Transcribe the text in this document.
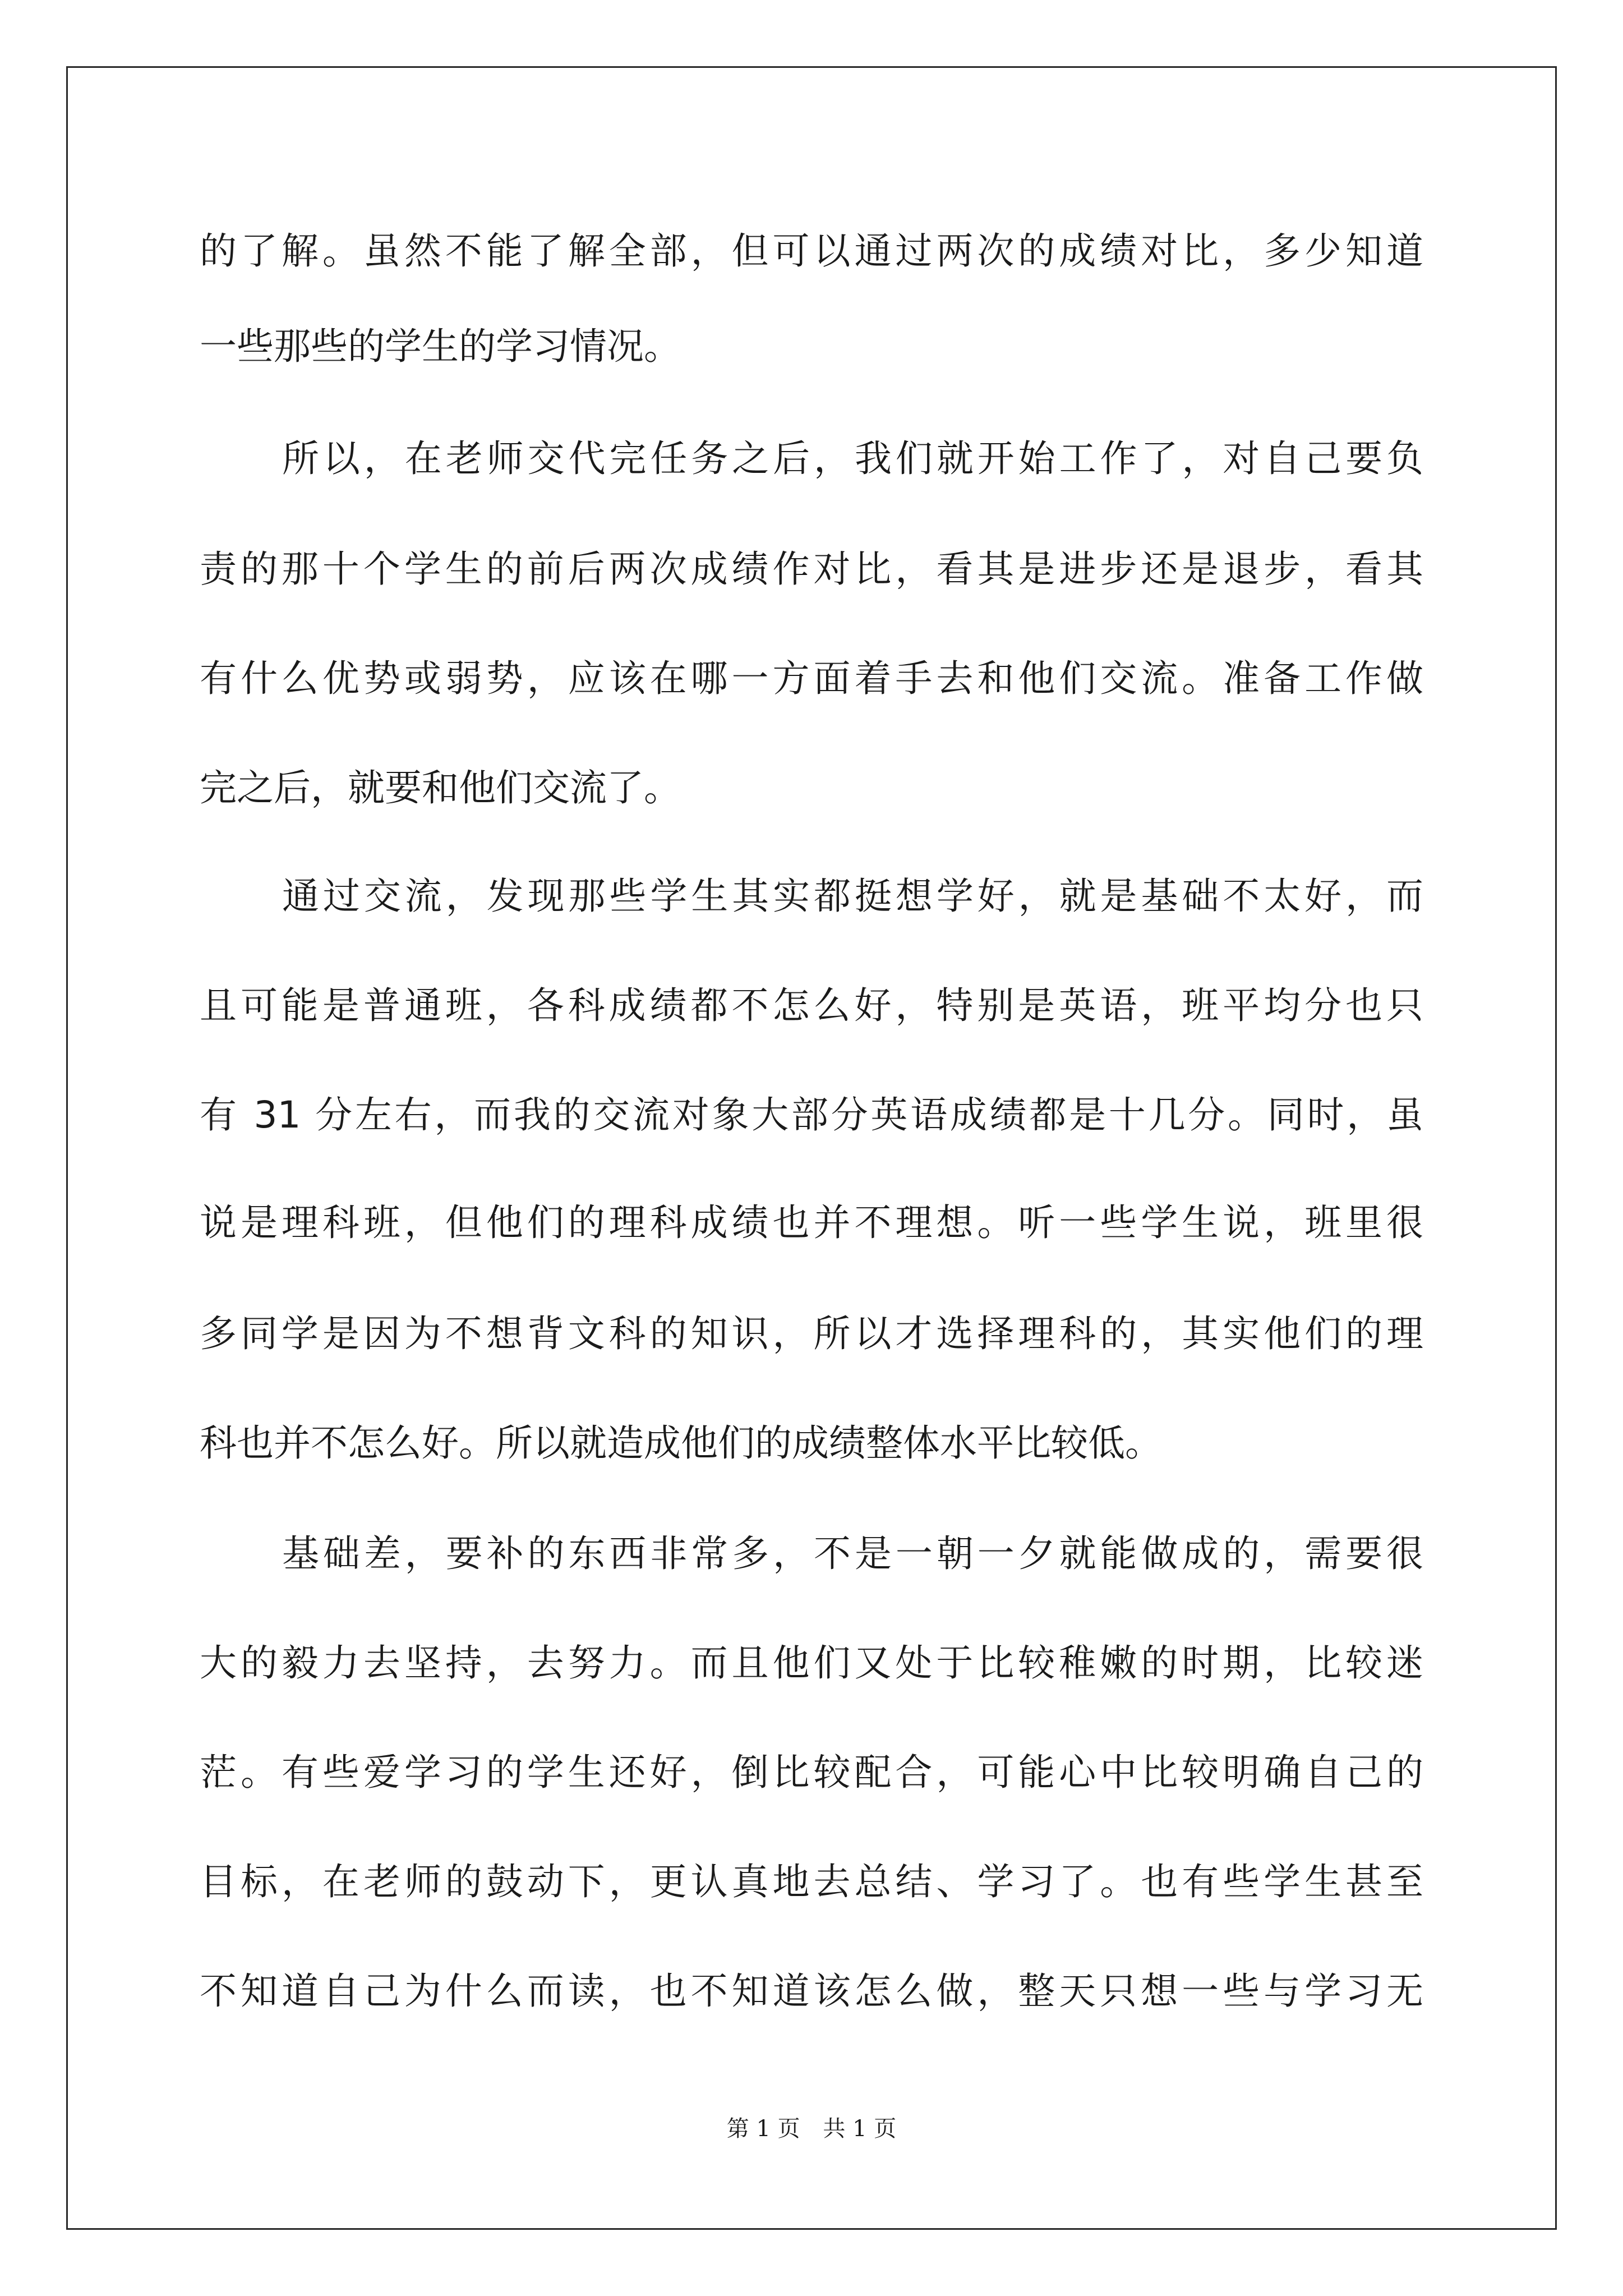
的了解。虽然不能了解全部，但可以通过两次的成绩对比，多少知道
一些那些的学生的学习情况。
所以，在老师交代完任务之后，我们就开始工作了，对自己要负
责的那十个学生的前后两次成绩作对比，看其是进步还是退步，看其
有什么优势或弱势，应该在哪一方面着手去和他们交流。准备工作做
完之后，就要和他们交流了。
通过交流，发现那些学生其实都挺想学好，就是基础不太好，而
且可能是普通班，各科成绩都不怎么好，特别是英语，班平均分也只
有 31 分左右，而我的交流对象大部分英语成绩都是十几分。同时，虽
说是理科班，但他们的理科成绩也并不理想。听一些学生说，班里很
多同学是因为不想背文科的知识，所以才选择理科的，其实他们的理
科也并不怎么好。所以就造成他们的成绩整体水平比较低。
基础差，要补的东西非常多，不是一朝一夕就能做成的，需要很
大的毅力去坚持，去努力。而且他们又处于比较稚嫩的时期，比较迷
茫。有些爱学习的学生还好，倒比较配合，可能心中比较明确自己的
目标，在老师的鼓动下，更认真地去总结、学习了。也有些学生甚至
不知道自己为什么而读，也不知道该怎么做，整天只想一些与学习无
第 1 页 共 1 页
